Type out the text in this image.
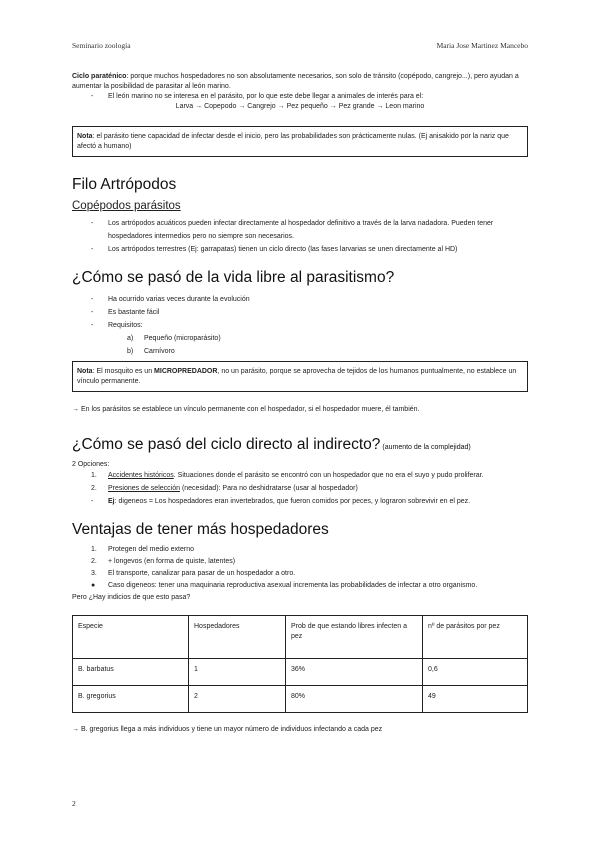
Seminario zoología	Maria Jose Martinez Mancebo

Ciclo paraténico: porque muchos hospedadores no son absolutamente necesarios, son solo de tránsito (copépodo, cangrejo...), pero ayudan a aumentar la posibilidad de parasitar al león marino.

- El león marino no se interesa en el parásito, por lo que este debe llegar a animales de interés para el:

Larva → Copepodo → Cangrejo → Pez pequeño → Pez grande → Leon marino

Nota: el parásito tiene capacidad de infectar desde el inicio, pero las probabilidades son prácticamente nulas. (Ej anisakido por la nariz que afectó a humano)
Filo Artrópodos
Copépodos parásitos
- Los artrópodos acuáticos pueden infectar directamente al hospedador definitivo a través de la larva nadadora. Pueden tener hospedadores intermedios pero no siempre son necesarios.
- Los artrópodos terrestres (Ej: garrapatas) tienen un ciclo directo (las fases larvarias se unen directamente al HD)
¿Cómo se pasó de la vida libre al parasitismo?
- Ha ocurrido varias veces durante la evolución
- Es bastante fácil
- Requisitos:
a) Pequeño (microparásito)
b) Carnívoro
Nota: El mosquito es un MICROPREDADOR, no un parásito, porque se aprovecha de tejidos de los humanos puntualmente, no establece un vínculo permanente.

→ En los parásitos se establece un vínculo permanente con el hospedador, si el hospedador muere, él también.

¿Cómo se pasó del ciclo directo al indirecto? (aumento de la complejidad)

2 Opciones:

1. Accidentes históricos. Situaciones donde el parásito se encontró con un hospedador que no era el suyo y pudo proliferar.
2. Presiones de selección (necesidad): Para no deshidratarse (usar al hospedador)
- Ej: digeneos = Los hospedadores eran invertebrados, que fueron comidos por peces, y lograron sobrevivir en el pez.
Ventajas de tener más hospedadores
1. Protegen del medio externo
2. + longevos (en forma de quiste, latentes)
3. El transporte, canalizar para pasar de un hospedador a otro.
● Caso digeneos: tener una maquinaria reproductiva asexual incrementa las probabilidades de infectar a otro organismo.

Pero ¿Hay indicios de que esto pasa?

Especie	Hospedadores	Prob de que estando libres infecten a pez	nº de parásitos por pez
B. barbatus	1	36%	0,6
B. gregorius	2	80%	49

→ B. gregorius llega a más individuos y tiene un mayor número de individuos infectando a cada pez

2
